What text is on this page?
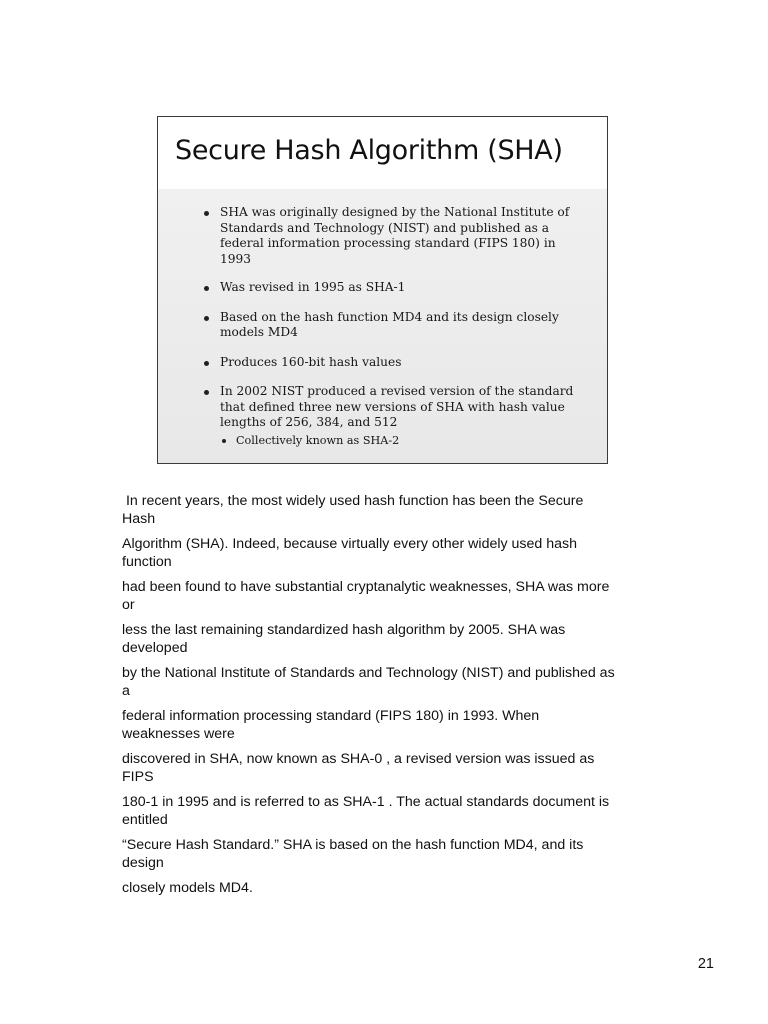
Secure Hash Algorithm (SHA)
SHA was originally designed by the National Institute of Standards and Technology (NIST) and published as a federal information processing standard (FIPS 180) in 1993
Was revised in 1995 as SHA-1
Based on the hash function MD4 and its design closely models MD4
Produces 160-bit hash values
In 2002 NIST produced a revised version of the standard that defined three new versions of SHA with hash value lengths of 256, 384, and 512
Collectively known as SHA-2

In recent years, the most widely used hash function has been the Secure
Hash

Algorithm (SHA). Indeed, because virtually every other widely used hash
function

had been found to have substantial cryptanalytic weaknesses, SHA was more
or

less the last remaining standardized hash algorithm by 2005. SHA was
developed

by the National Institute of Standards and Technology (NIST) and published as
a

federal information processing standard (FIPS 180) in 1993. When
weaknesses were

discovered in SHA, now known as SHA-0 , a revised version was issued as
FIPS

180-1 in 1995 and is referred to as SHA-1 . The actual standards document is
entitled

“Secure Hash Standard.” SHA is based on the hash function MD4, and its
design

closely models MD4.

21
